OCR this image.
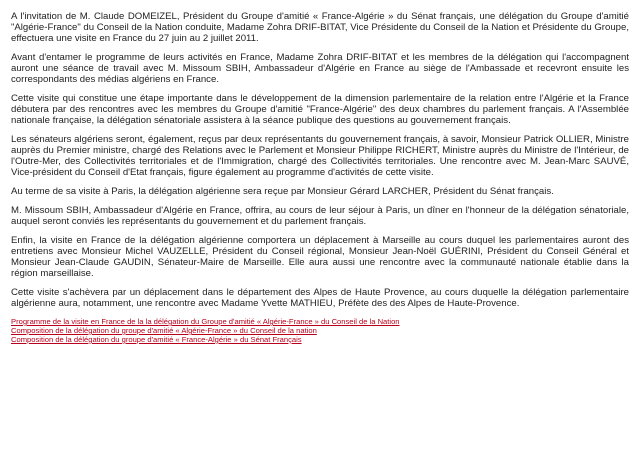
A l'invitation de M. Claude DOMEIZEL, Président du Groupe d'amitié « France-Algérie » du Sénat français, une délégation du Groupe d'amitié "Algérie-France" du Conseil de la Nation conduite, Madame Zohra DRIF-BITAT, Vice Présidente du Conseil de la Nation et Présidente du Groupe, effectuera une visite en France du 27 juin au 2 juillet 2011.

Avant d'entamer le programme de leurs activités en France, Madame Zohra DRIF-BITAT et les membres de la délégation qui l'accompagnent auront une séance de travail avec M. Missoum SBIH, Ambassadeur d'Algérie en France au siège de l'Ambassade et recevront ensuite les correspondants des médias algériens en France.

Cette visite qui constitue une étape importante dans le développement de la dimension parlementaire de la relation entre l'Algérie et la France débutera par des rencontres avec les membres du Groupe d'amitié "France-Algérie" des deux chambres du parlement français. A l'Assemblée nationale française, la délégation sénatoriale assistera à la séance publique des questions au gouvernement français.

Les sénateurs algériens seront, également, reçus par deux représentants du gouvernement français, à savoir, Monsieur Patrick OLLIER, Ministre auprès du Premier ministre, chargé des Relations avec le Parlement et Monsieur Philippe RICHERT, Ministre auprès du Ministre de l'Intérieur, de l'Outre-Mer, des Collectivités territoriales et de l'Immigration, chargé des Collectivités territoriales. Une rencontre avec M. Jean-Marc SAUVÉ, Vice-président du Conseil d'Etat français, figure également au programme d'activités de cette visite.

Au terme de sa visite à Paris, la délégation algérienne sera reçue par Monsieur Gérard LARCHER, Président du Sénat français.

M. Missoum SBIH, Ambassadeur d'Algérie en France, offrira, au cours de leur séjour à Paris, un dîner en l'honneur de la délégation sénatoriale, auquel seront conviés les représentants du gouvernement et du parlement français.

Enfin, la visite en France de la délégation algérienne comportera un déplacement à Marseille au cours duquel les parlementaires auront des entretiens avec Monsieur Michel VAUZELLE, Président du Conseil régional, Monsieur Jean-Noël GUÉRINI, Président du Conseil Général et Monsieur Jean-Claude GAUDIN, Sénateur-Maire de Marseille. Elle aura aussi une rencontre avec la communauté nationale établie dans la région marseillaise.

Cette visite s'achèvera par un déplacement dans le département des Alpes de Haute Provence, au cours duquelle la délégation parlementaire algérienne aura, notamment, une rencontre avec Madame Yvette MATHIEU, Préfète des des Alpes de Haute-Provence.

Programme de la visite en France de la la délégation du Groupe d'amitié « Algérie-France » du Conseil de la Nation
Composition de la délégation du groupe d'amitié « Algérie-France » du Conseil de la nation
Composition de la délégation du groupe d'amitié « France-Algérie » du Sénat Français
